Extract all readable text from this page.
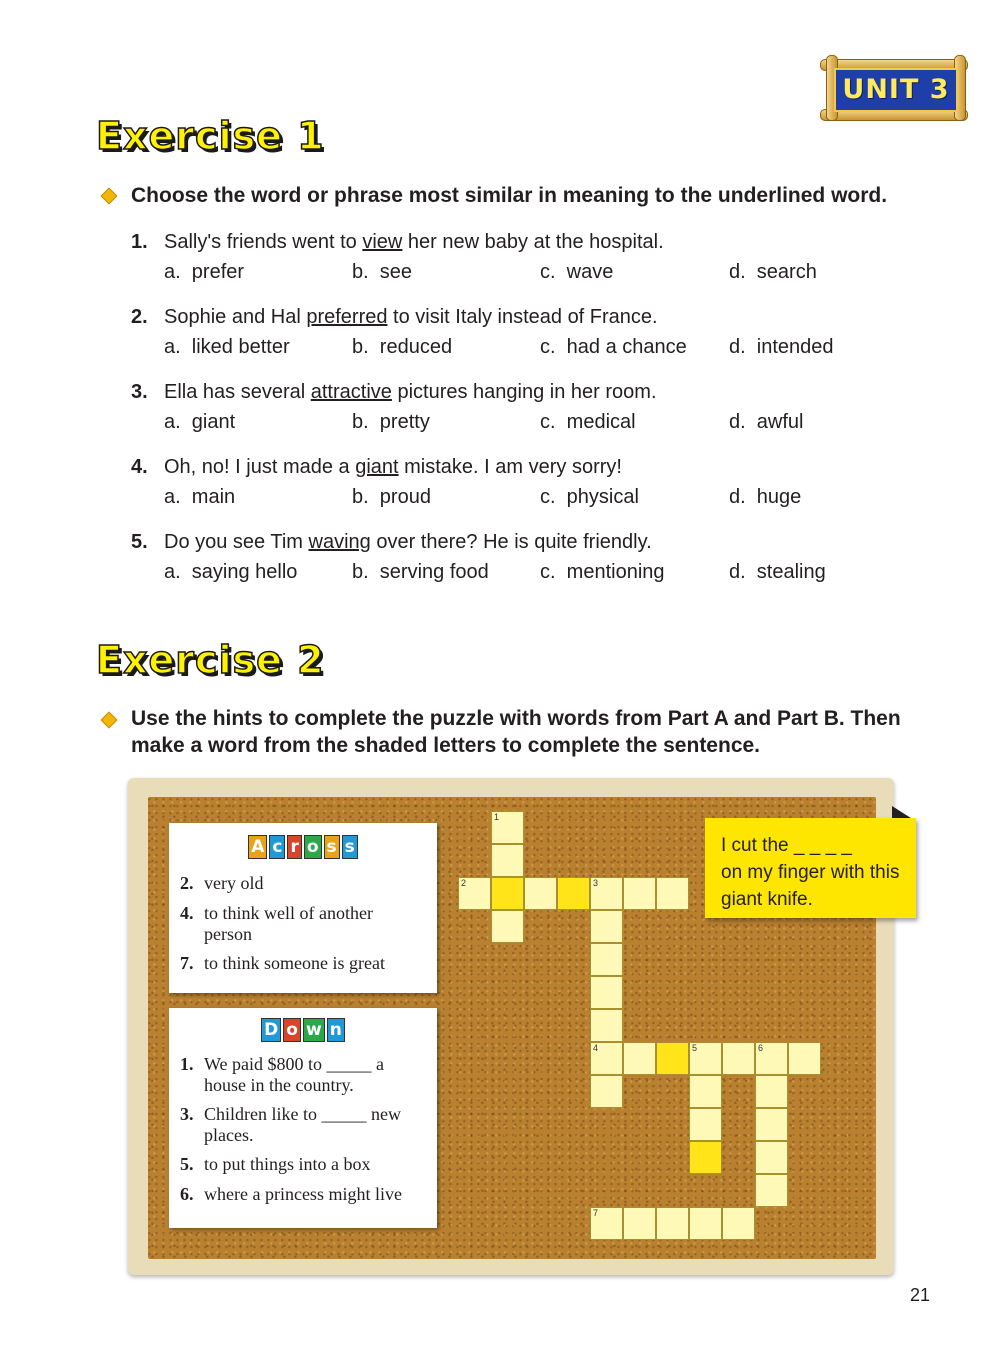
UNIT 3
Exercise 1
Choose the word or phrase most similar in meaning to the underlined word.
1. Sally's friends went to view her new baby at the hospital.
a.  prefer	b.  see	c.  wave	d.  search
2. Sophie and Hal preferred to visit Italy instead of France.
a.  liked better	b.  reduced	c.  had a chance d.  intended
3. Ella has several attractive pictures hanging in her room.
a.  giant	b.  pretty	c.  medical	d.  awful
4. Oh, no! I just made a giant mistake. I am very sorry!
a.  main	b.  proud	c.  physical	d.  huge
5. Do you see Tim waving over there? He is quite friendly.
a.  saying hello	b.  serving food	c.  mentioning	d.  stealing
Exercise 2
Use the hints to complete the puzzle with words from Part A and Part B. Then
make a word from the shaded letters to complete the sentence.
A c r o s s
2. very old
4. to think well of another person
7. to think someone is great
D o w n
1. We paid $800 to _____ a house in the country.
3. Children like to _____ new places.
5. to put things into a box
6. where a princess might live
1
2	3
4	5	6
7
I cut the _ _ _ _
on my finger with this
giant knife.
21
